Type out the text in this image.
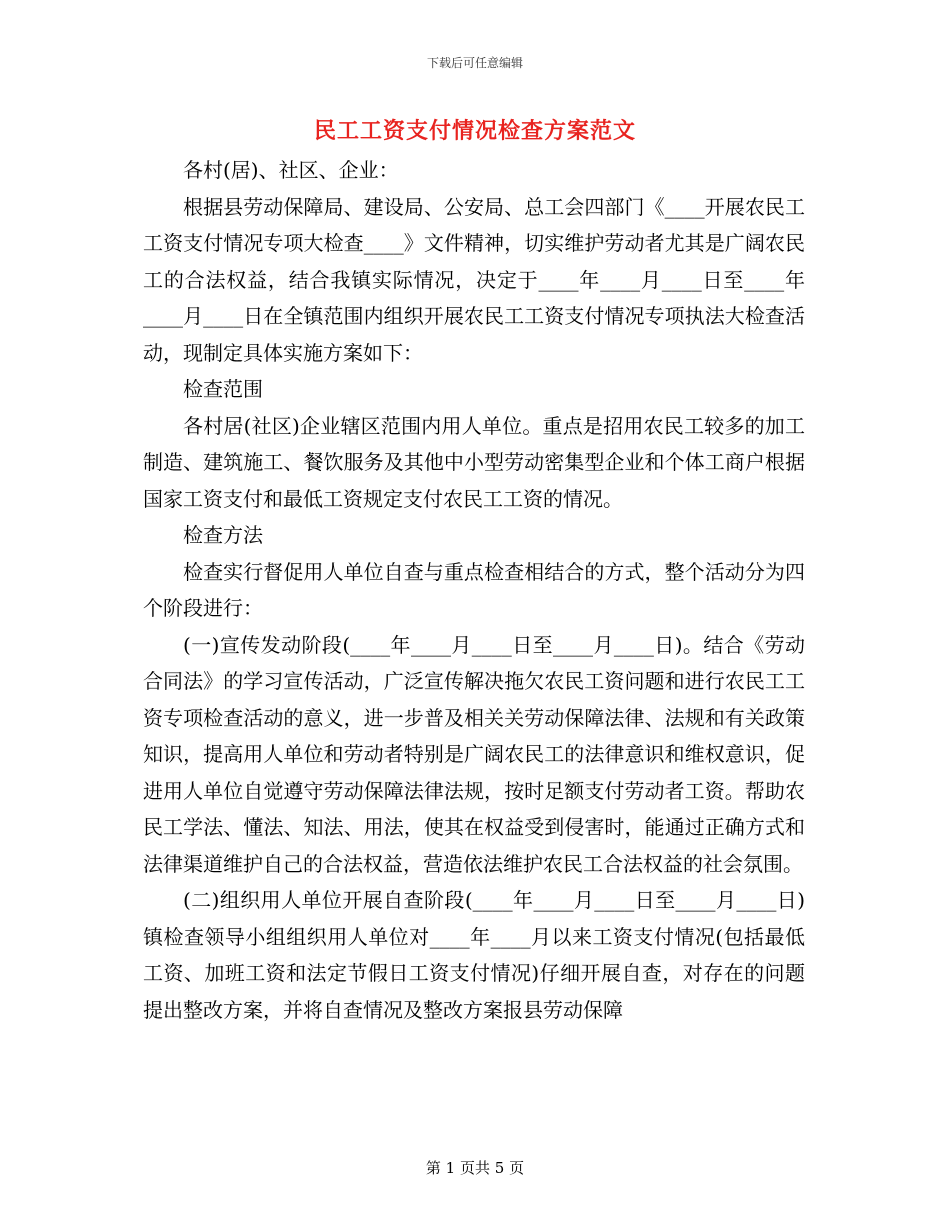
下载后可任意编辑
民工工资支付情况检查方案范文

各村(居)、社区、企业：

根据县劳动保障局、建设局、公安局、总工会四部门《____开展农民工工资支付情况专项大检查____》文件精神，切实维护劳动者尤其是广阔农民工的合法权益，结合我镇实际情况，决定于____年____月____日至____年____月____日在全镇范围内组织开展农民工工资支付情况专项执法大检查活动，现制定具体实施方案如下：

检查范围

各村居(社区)企业辖区范围内用人单位。重点是招用农民工较多的加工制造、建筑施工、餐饮服务及其他中小型劳动密集型企业和个体工商户根据国家工资支付和最低工资规定支付农民工工资的情况。

检查方法

检查实行督促用人单位自查与重点检查相结合的方式，整个活动分为四个阶段进行：

(一)宣传发动阶段(____年____月____日至____月____日)。结合《劳动合同法》的学习宣传活动，广泛宣传解决拖欠农民工资问题和进行农民工工资专项检查活动的意义，进一步普及相关关劳动保障法律、法规和有关政策知识，提高用人单位和劳动者特别是广阔农民工的法律意识和维权意识，促进用人单位自觉遵守劳动保障法律法规，按时足额支付劳动者工资。帮助农民工学法、懂法、知法、用法，使其在权益受到侵害时，能通过正确方式和法律渠道维护自己的合法权益，营造依法维护农民工合法权益的社会氛围。

(二)组织用人单位开展自查阶段(____年____月____日至____月____日)镇检查领导小组组织用人单位对____年____月以来工资支付情况(包括最低工资、加班工资和法定节假日工资支付情况)仔细开展自查，对存在的问题提出整改方案，并将自查情况及整改方案报县劳动保障

第 1 页共 5 页
